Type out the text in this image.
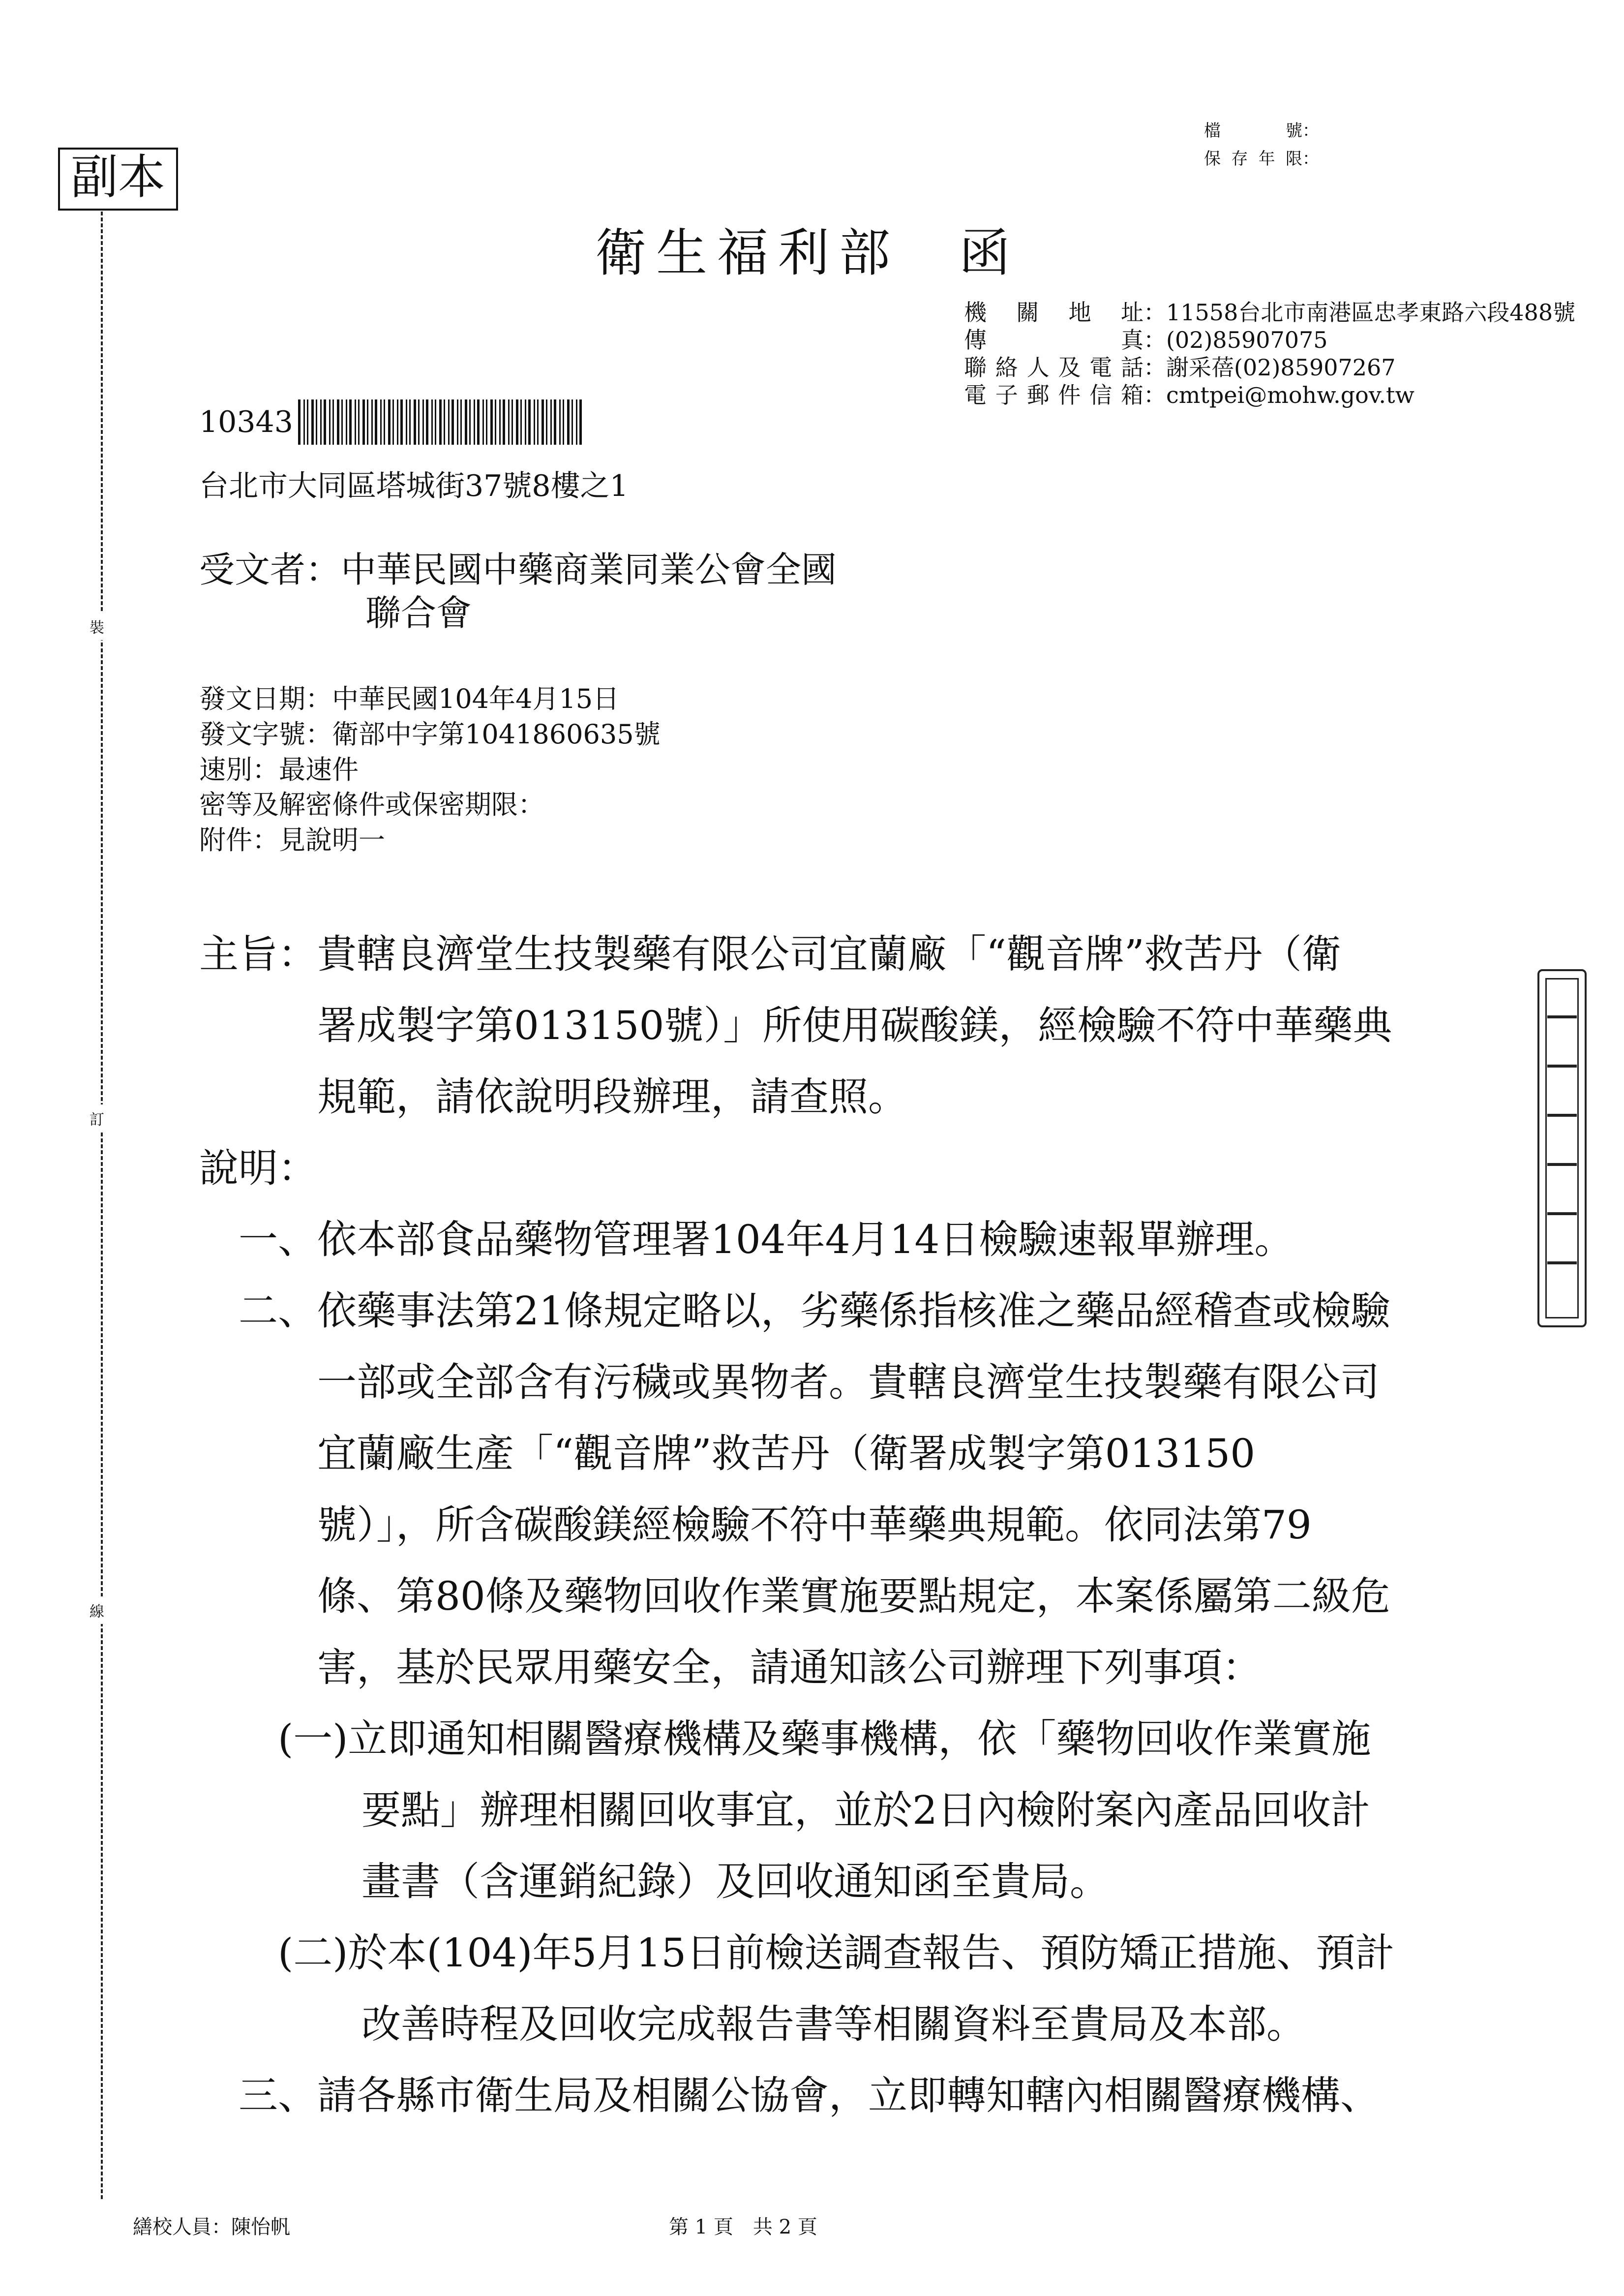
副本
檔號：
保存年限：
衛生福利部 函
機關地址：11558台北市南港區忠孝東路六段488號
傳真：(02)85907075
聯絡人及電話：謝采蓓(02)85907267
電子郵件信箱：cmtpei@mohw.gov.tw
10343
台北市大同區塔城街37號8樓之1
受文者：中華民國中藥商業同業公會全國
聯合會
發文日期：中華民國104年4月15日
發文字號：衛部中字第1041860635號
速別：最速件
密等及解密條件或保密期限：
附件：見說明一
主旨：貴轄良濟堂生技製藥有限公司宜蘭廠「“觀音牌”救苦丹（衛
署成製字第013150號）」所使用碳酸鎂，經檢驗不符中華藥典
規範，請依說明段辦理，請查照。
說明：
一、依本部食品藥物管理署104年4月14日檢驗速報單辦理。
二、依藥事法第21條規定略以，劣藥係指核准之藥品經稽查或檢驗
一部或全部含有污穢或異物者。貴轄良濟堂生技製藥有限公司
宜蘭廠生產「“觀音牌”救苦丹（衛署成製字第013150
號）」，所含碳酸鎂經檢驗不符中華藥典規範。依同法第79
條、第80條及藥物回收作業實施要點規定，本案係屬第二級危
害，基於民眾用藥安全，請通知該公司辦理下列事項：
(一)立即通知相關醫療機構及藥事機構，依「藥物回收作業實施
要點」辦理相關回收事宜，並於2日內檢附案內產品回收計
畫書（含運銷紀錄）及回收通知函至貴局。
(二)於本(104)年5月15日前檢送調查報告、預防矯正措施、預計
改善時程及回收完成報告書等相關資料至貴局及本部。
三、請各縣市衛生局及相關公協會，立即轉知轄內相關醫療機構、
裝
訂
線
繕校人員：陳怡帆	第 1 頁　共 2 頁
